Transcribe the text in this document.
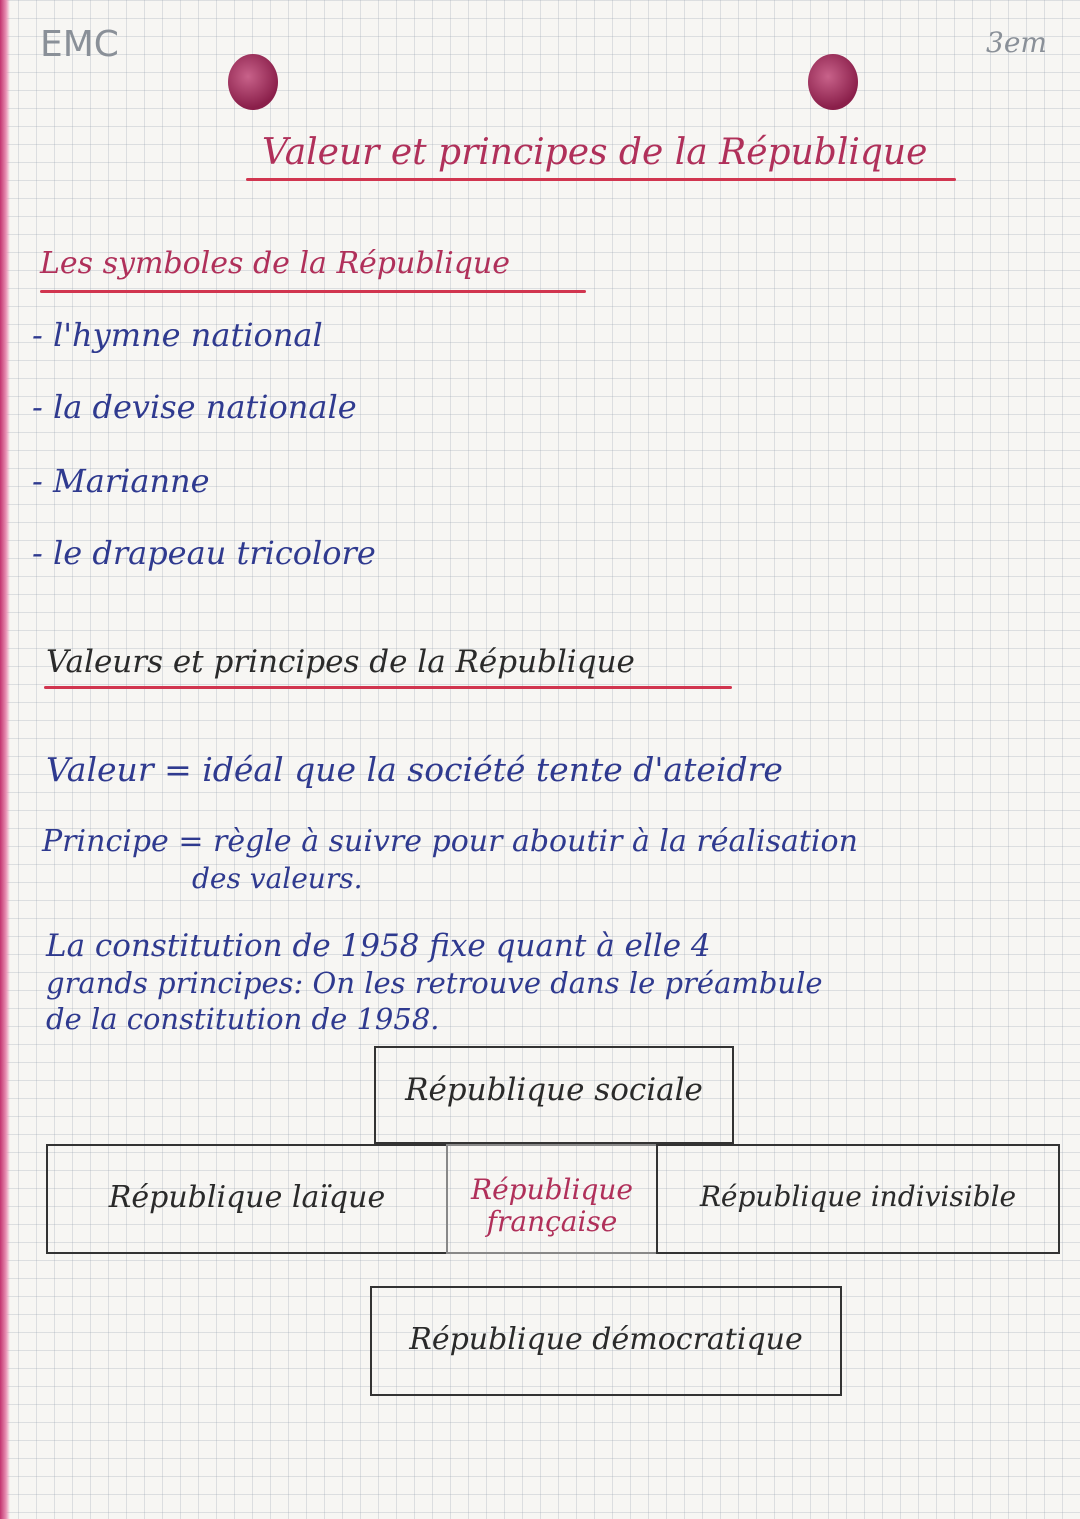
EMC	3em
Valeur et principes de la République
Les symboles de la République
- l'hymne national
- la devise nationale
- Marianne
- le drapeau tricolore
Valeurs et principes de la République
Valeur = idéal que la société tente d'ateidre
Principe = règle à suivre pour aboutir à la réalisation
des valeurs.
La constitution de 1958 fixe quant à elle 4
grands principes: On les retrouve dans le préambule
de la constitution de 1958.
République sociale
République laïque	République
française
République indivisible
République démocratique
